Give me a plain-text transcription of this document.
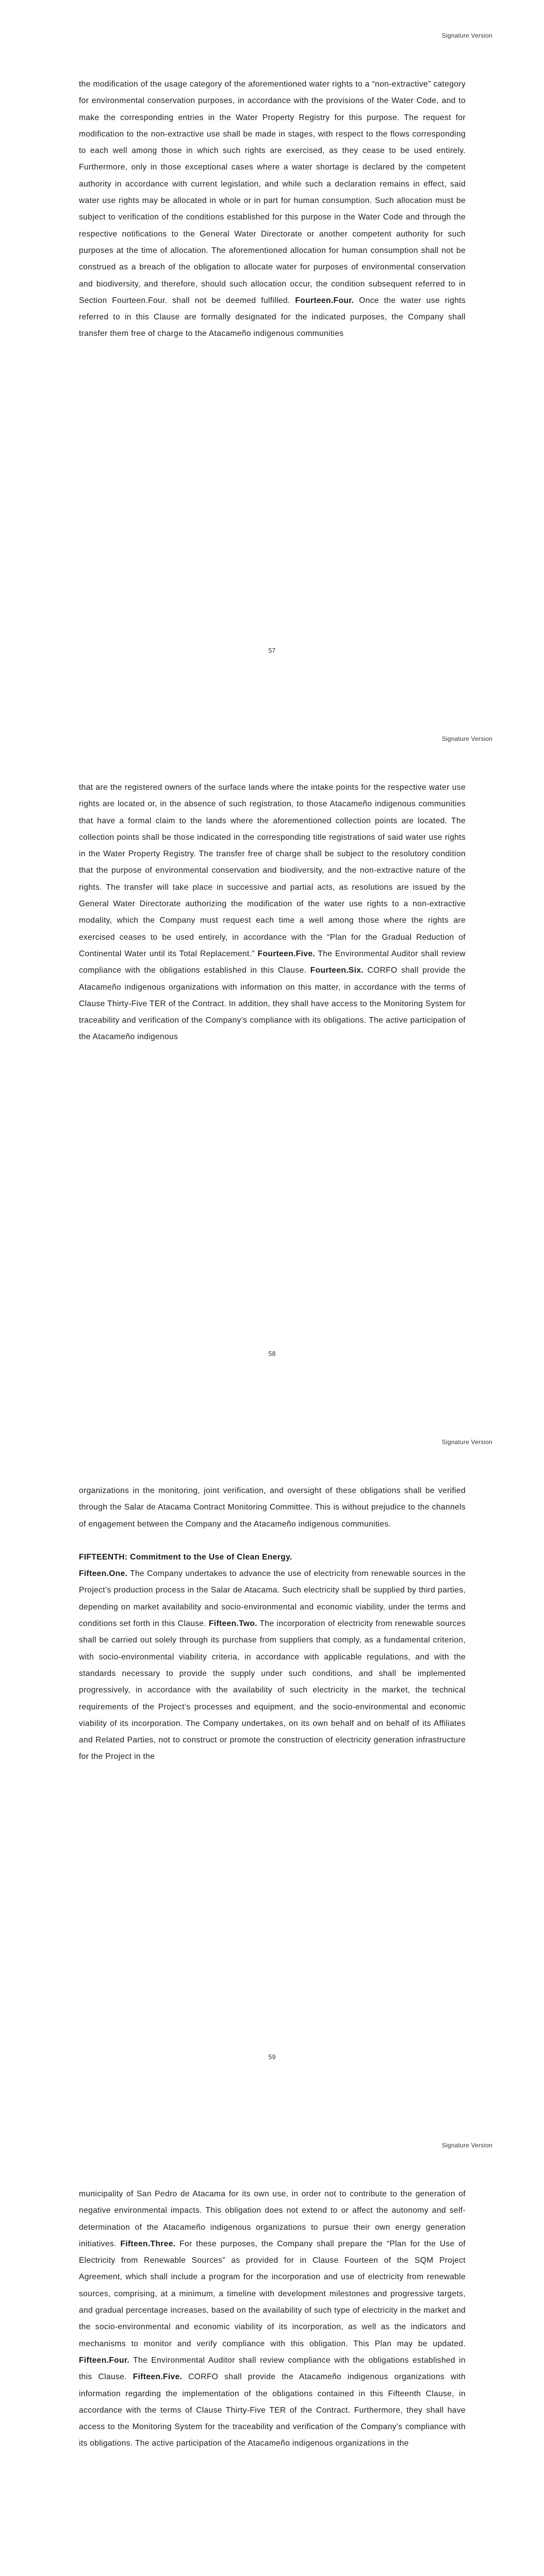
Signature Version

the modification of the usage category of the aforementioned water rights to a “non-extractive” category for environmental conservation purposes, in accordance with the provisions of the Water Code, and to make the corresponding entries in the Water Property Registry for this purpose. The request for modification to the non-extractive use shall be made in stages, with respect to the flows corresponding to each well among those in which such rights are exercised, as they cease to be used entirely. Furthermore, only in those exceptional cases where a water shortage is declared by the competent authority in accordance with current legislation, and while such a declaration remains in effect, said water use rights may be allocated in whole or in part for human consumption. Such allocation must be subject to verification of the conditions established for this purpose in the Water Code and through the respective notifications to the General Water Directorate or another competent authority for such purposes at the time of allocation. The aforementioned allocation for human consumption shall not be construed as a breach of the obligation to allocate water for purposes of environmental conservation and biodiversity, and therefore, should such allocation occur, the condition subsequent referred to in Section Fourteen.Four. shall not be deemed fulfilled. Fourteen.Four. Once the water use rights referred to in this Clause are formally designated for the indicated purposes, the Company shall transfer them free of charge to the Atacameño indigenous communities

57
Signature Version

that are the registered owners of the surface lands where the intake points for the respective water use rights are located or, in the absence of such registration, to those Atacameño indigenous communities that have a formal claim to the lands where the aforementioned collection points are located. The collection points shall be those indicated in the corresponding title registrations of said water use rights in the Water Property Registry. The transfer free of charge shall be subject to the resolutory condition that the purpose of environmental conservation and biodiversity, and the non-extractive nature of the rights. The transfer will take place in successive and partial acts, as resolutions are issued by the General Water Directorate authorizing the modification of the water use rights to a non-extractive modality, which the Company must request each time a well among those where the rights are exercised ceases to be used entirely, in accordance with the “Plan for the Gradual Reduction of Continental Water until its Total Replacement.” Fourteen.Five. The Environmental Auditor shall review compliance with the obligations established in this Clause. Fourteen.Six. CORFO shall provide the Atacameño indigenous organizations with information on this matter, in accordance with the terms of Clause Thirty-Five TER of the Contract. In addition, they shall have access to the Monitoring System for traceability and verification of the Company’s compliance with its obligations. The active participation of the Atacameño indigenous

58
Signature Version
organizations in the monitoring, joint verification, and oversight of these obligations shall be verified through the Salar de Atacama Contract Monitoring Committee. This is without prejudice to the channels of engagement between the Company and the Atacameño indigenous communities.
FIFTEENTH: Commitment to the Use of Clean Energy.
Fifteen.One. The Company undertakes to advance the use of electricity from renewable sources in the Project’s production process in the Salar de Atacama. Such electricity shall be supplied by third parties, depending on market availability and socio-environmental and economic viability, under the terms and conditions set forth in this Clause. Fifteen.Two. The incorporation of electricity from renewable sources shall be carried out solely through its purchase from suppliers that comply, as a fundamental criterion, with socio-environmental viability criteria, in accordance with applicable regulations, and with the standards necessary to provide the supply under such conditions, and shall be implemented progressively, in accordance with the availability of such electricity in the market, the technical requirements of the Project’s processes and equipment, and the socio-environmental and economic viability of its incorporation. The Company undertakes, on its own behalf and on behalf of its Affiliates and Related Parties, not to construct or promote the construction of electricity generation infrastructure for the Project in the
59
Signature Version

municipality of San Pedro de Atacama for its own use, in order not to contribute to the generation of negative environmental impacts. This obligation does not extend to or affect the autonomy and self-determination of the Atacameño indigenous organizations to pursue their own energy generation initiatives. Fifteen.Three. For these purposes, the Company shall prepare the “Plan for the Use of Electricity from Renewable Sources” as provided for in Clause Fourteen of the SQM Project Agreement, which shall include a program for the incorporation and use of electricity from renewable sources, comprising, at a minimum, a timeline with development milestones and progressive targets, and gradual percentage increases, based on the availability of such type of electricity in the market and the socio-environmental and economic viability of its incorporation, as well as the indicators and mechanisms to monitor and verify compliance with this obligation. This Plan may be updated. Fifteen.Four. The Environmental Auditor shall review compliance with the obligations established in this Clause. Fifteen.Five. CORFO shall provide the Atacameño indigenous organizations with information regarding the implementation of the obligations contained in this Fifteenth Clause, in accordance with the terms of Clause Thirty-Five TER of the Contract. Furthermore, they shall have access to the Monitoring System for the traceability and verification of the Company’s compliance with its obligations. The active participation of the Atacameño indigenous organizations in the
